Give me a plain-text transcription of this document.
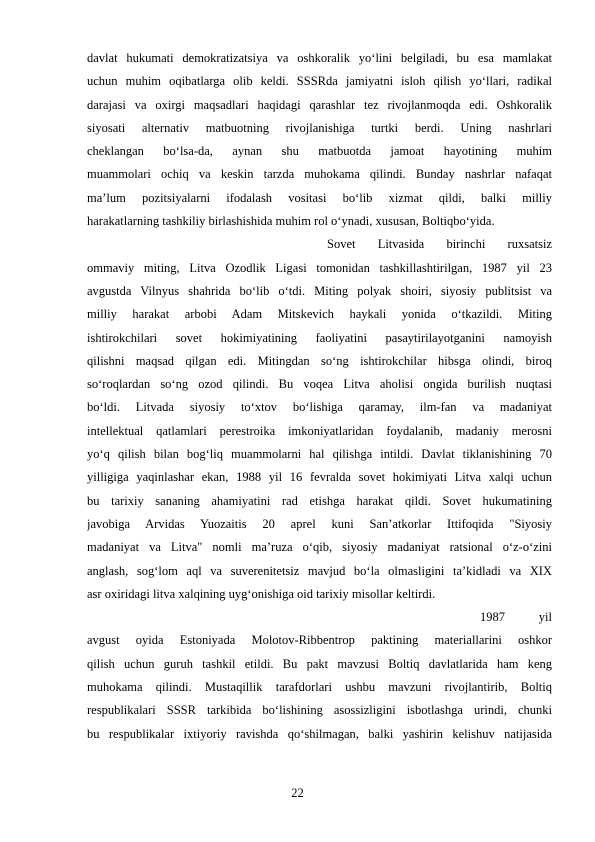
davlat hukumati demokratizatsiya va oshkoralik yo‘lini belgiladi, bu esa mamlakat
uchun muhim oqibatlarga olib keldi. SSSRda jamiyatni isloh qilish yo‘llari, radikal
darajasi va oxirgi maqsadlari haqidagi qarashlar tez rivojlanmoqda edi. Oshkoralik
siyosati alternativ matbuotning rivojlanishiga turtki berdi. Uning nashrlari
cheklangan bo‘lsa-da, aynan shu matbuotda jamoat hayotining muhim
muammolari ochiq va keskin tarzda muhokama qilindi. Bunday nashrlar nafaqat
ma’lum pozitsiyalarni ifodalash vositasi bo‘lib xizmat qildi, balki milliy
harakatlarning tashkiliy birlashishida muhim rol o‘ynadi, xususan, Boltiqbo‘yida.
Sovet Litvasida birinchi ruxsatsiz
ommaviy miting, Litva Ozodlik Ligasi tomonidan tashkillashtirilgan, 1987 yil 23
avgustda Vilnyus shahrida bo‘lib o‘tdi. Miting polyak shoiri, siyosiy publitsist va
milliy harakat arbobi Adam Mitskevich haykali yonida o‘tkazildi. Miting
ishtirokchilari sovet hokimiyatining faoliyatini pasaytirilayotganini namoyish
qilishni maqsad qilgan edi. Mitingdan so‘ng ishtirokchilar hibsga olindi, biroq
so‘roqlardan so‘ng ozod qilindi. Bu voqea Litva aholisi ongida burilish nuqtasi
bo‘ldi. Litvada siyosiy to‘xtov bo‘lishiga qaramay, ilm-fan va madaniyat
intellektual qatlamlari perestroika imkoniyatlaridan foydalanib, madaniy merosni
yo‘q qilish bilan bog‘liq muammolarni hal qilishga intildi. Davlat tiklanishining 70
yilligiga yaqinlashar ekan, 1988 yil 16 fevralda sovet hokimiyati Litva xalqi uchun
bu tarixiy sananing ahamiyatini rad etishga harakat qildi. Sovet hukumatining
javobiga Arvidas Yuozaitis 20 aprel kuni San’atkorlar Ittifoqida "Siyosiy
madaniyat va Litva" nomli ma’ruza o‘qib, siyosiy madaniyat ratsional o‘z-o‘zini
anglash, sog‘lom aql va suverenitetsiz mavjud bo‘la olmasligini ta’kidladi va XIX
asr oxiridagi litva xalqining uyg‘onishiga oid tarixiy misollar keltirdi.
1987 yil
avgust oyida Estoniyada Molotov-Ribbentrop paktining materiallarini oshkor
qilish uchun guruh tashkil etildi. Bu pakt mavzusi Boltiq davlatlarida ham keng
muhokama qilindi. Mustaqillik tarafdorlari ushbu mavzuni rivojlantirib, Boltiq
respublikalari SSSR tarkibida bo‘lishining asossizligini isbotlashga urindi, chunki
bu respublikalar ixtiyoriy ravishda qo‘shilmagan, balki yashirin kelishuv natijasida
22
